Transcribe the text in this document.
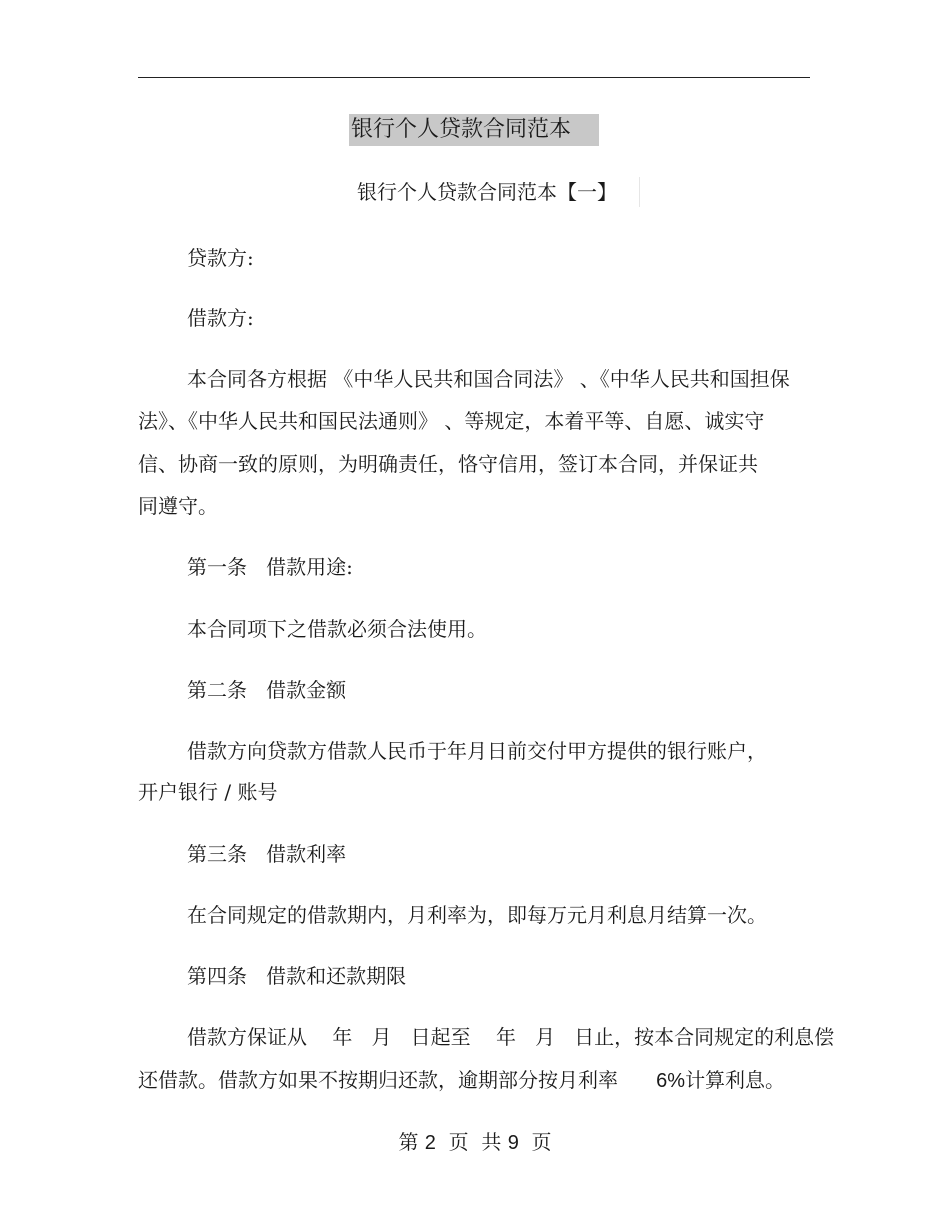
银行个人贷款合同范本
银行个人贷款合同范本【一】
贷款方:
借款方:
本合同各方根据 《中华人民共和国合同法》 、《中华人民共和国担保
法》、《中华人民共和国民法通则》 、等规定，本着平等、自愿、诚实守
信、协商一致的原则，为明确责任，恪守信用，签订本合同，并保证共
同遵守。
第一条   借款用途:
本合同项下之借款必须合法使用。
第二条   借款金额
借款方向贷款方借款人民币于年月日前交付甲方提供的银行账户，
开户银行 / 账号
第三条   借款利率
在合同规定的借款期内，月利率为，即每万元月利息月结算一次。
第四条   借款和还款期限
借款方保证从    年   月   日起至    年   月   日止，按本合同规定的利息偿
还借款。借款方如果不按期归还款，逾期部分按月利率      6%计算利息。
第 2  页  共 9  页
